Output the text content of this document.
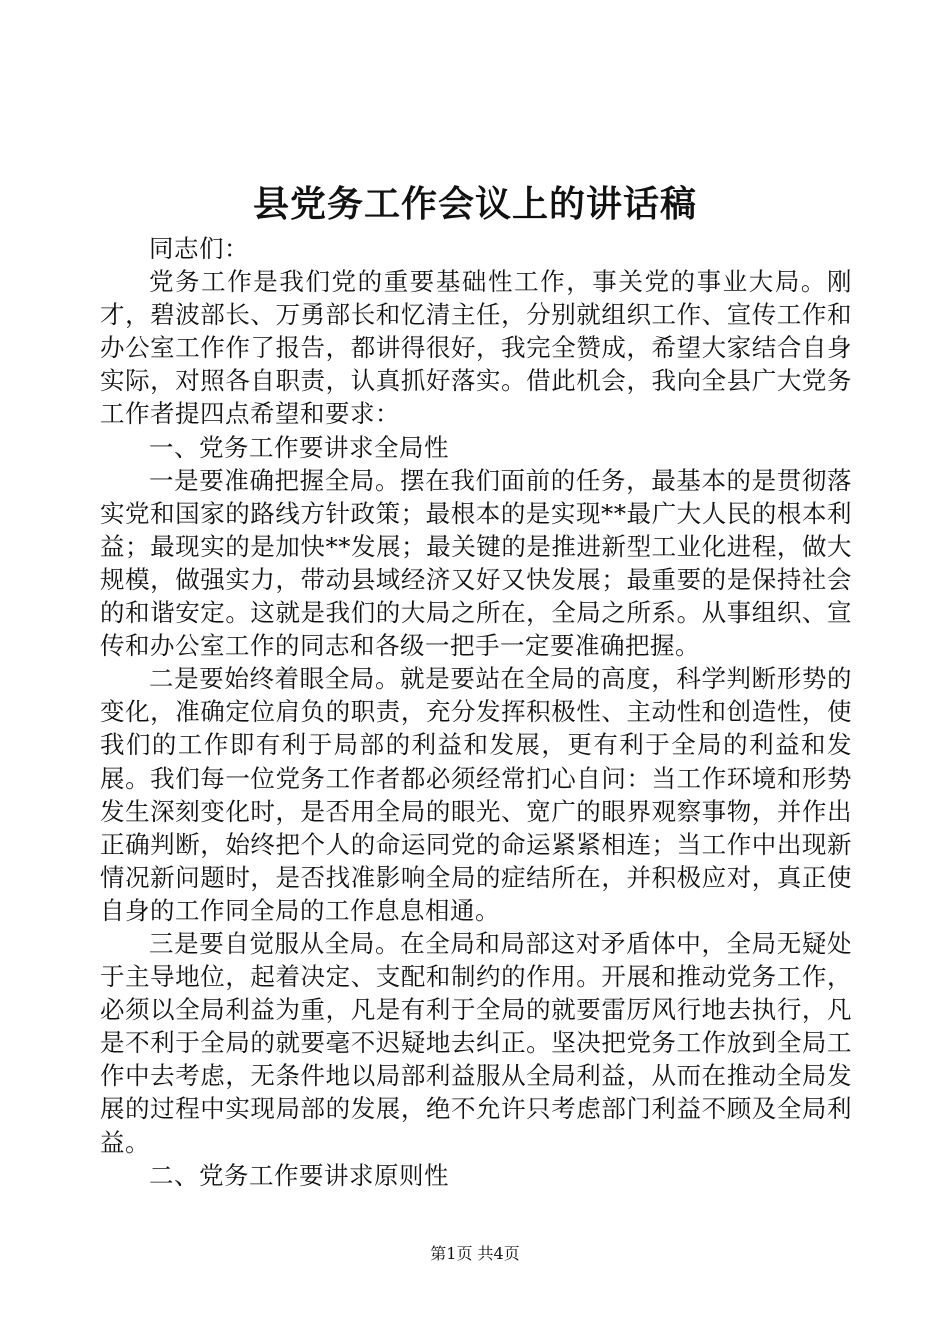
县党务工作会议上的讲话稿

同志们：

党务工作是我们党的重要基础性工作，事关党的事业大局。刚才，碧波部长、万勇部长和忆清主任，分别就组织工作、宣传工作和办公室工作作了报告，都讲得很好，我完全赞成，希望大家结合自身实际，对照各自职责，认真抓好落实。借此机会，我向全县广大党务工作者提四点希望和要求：

一、党务工作要讲求全局性

一是要准确把握全局。摆在我们面前的任务，最基本的是贯彻落实党和国家的路线方针政策；最根本的是实现**最广大人民的根本利益；最现实的是加快**发展；最关键的是推进新型工业化进程，做大规模，做强实力，带动县域经济又好又快发展；最重要的是保持社会的和谐安定。这就是我们的大局之所在，全局之所系。从事组织、宣传和办公室工作的同志和各级一把手一定要准确把握。

二是要始终着眼全局。就是要站在全局的高度，科学判断形势的变化，准确定位肩负的职责，充分发挥积极性、主动性和创造性，使我们的工作即有利于局部的利益和发展，更有利于全局的利益和发展。我们每一位党务工作者都必须经常扪心自问：当工作环境和形势发生深刻变化时，是否用全局的眼光、宽广的眼界观察事物，并作出正确判断，始终把个人的命运同党的命运紧紧相连；当工作中出现新情况新问题时，是否找准影响全局的症结所在，并积极应对，真正使自身的工作同全局的工作息息相通。

三是要自觉服从全局。在全局和局部这对矛盾体中，全局无疑处于主导地位，起着决定、支配和制约的作用。开展和推动党务工作，必须以全局利益为重，凡是有利于全局的就要雷厉风行地去执行，凡是不利于全局的就要毫不迟疑地去纠正。坚决把党务工作放到全局工作中去考虑，无条件地以局部利益服从全局利益，从而在推动全局发展的过程中实现局部的发展，绝不允许只考虑部门利益不顾及全局利益。

二、党务工作要讲求原则性

第1页 共4页
